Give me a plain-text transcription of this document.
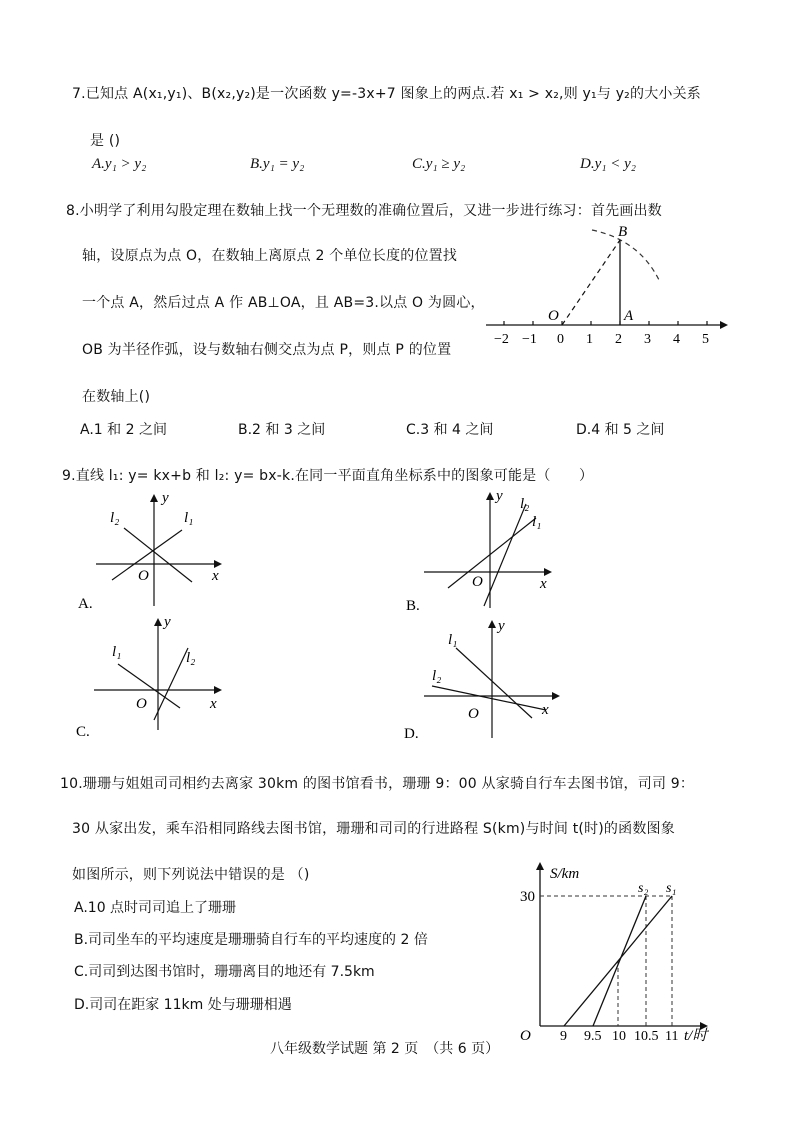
7.已知点 A(x₁,y₁)、B(x₂,y₂)是一次函数 y=-3x+7 图象上的两点.若 x₁ > x₂,则 y₁与 y₂的大小关系
是 ()
A.y₁ > y₂	B.y₁ = y₂	C.y₁ ≥ y₂	D.y₁ < y₂
8.小明学了利用勾股定理在数轴上找一个无理数的准确位置后，又进一步进行练习：首先画出数
轴，设原点为点 O，在数轴上离原点 2 个单位长度的位置找
一个点 A，然后过点 A 作 AB⊥OA，且 AB=3.以点 O 为圆心，
OB 为半径作弧，设与数轴右侧交点为点 P，则点 P 的位置
在数轴上()
A.1 和 2 之间	B.2 和 3 之间	C.3 和 4 之间	D.4 和 5 之间
−2 −1 0 1 2 3 4 5
O	A
B
9.直线 l₁: y= kx+b 和 l₂: y= bx-k.在同一平面直角坐标系中的图象可能是（　　）
l₁
l₂
O	x
y
A.
l₁
l₂
O	x
y
B.
l₁	l₂
O	x
y
C.
l₁
l₂
O	x
y
D.
10.珊珊与姐姐司司相约去离家 30km 的图书馆看书，珊珊 9：00 从家骑自行车去图书馆，司司 9：
30 从家出发，乘车沿相同路线去图书馆，珊珊和司司的行进路程 S(km)与时间 t(时)的函数图象
如图所示，则下列说法中错误的是 （)
A.10 点时司司追上了珊珊
B.司司坐车的平均速度是珊珊骑自行车的平均速度的 2 倍
C.司司到达图书馆时，珊珊离目的地还有 7.5km
D.司司在距家 11km 处与珊珊相遇
S/km
30
O 9 9.5 10 10.5 11 t/时
s₂ s₁
八年级数学试题 第 2 页　（共 6 页）
